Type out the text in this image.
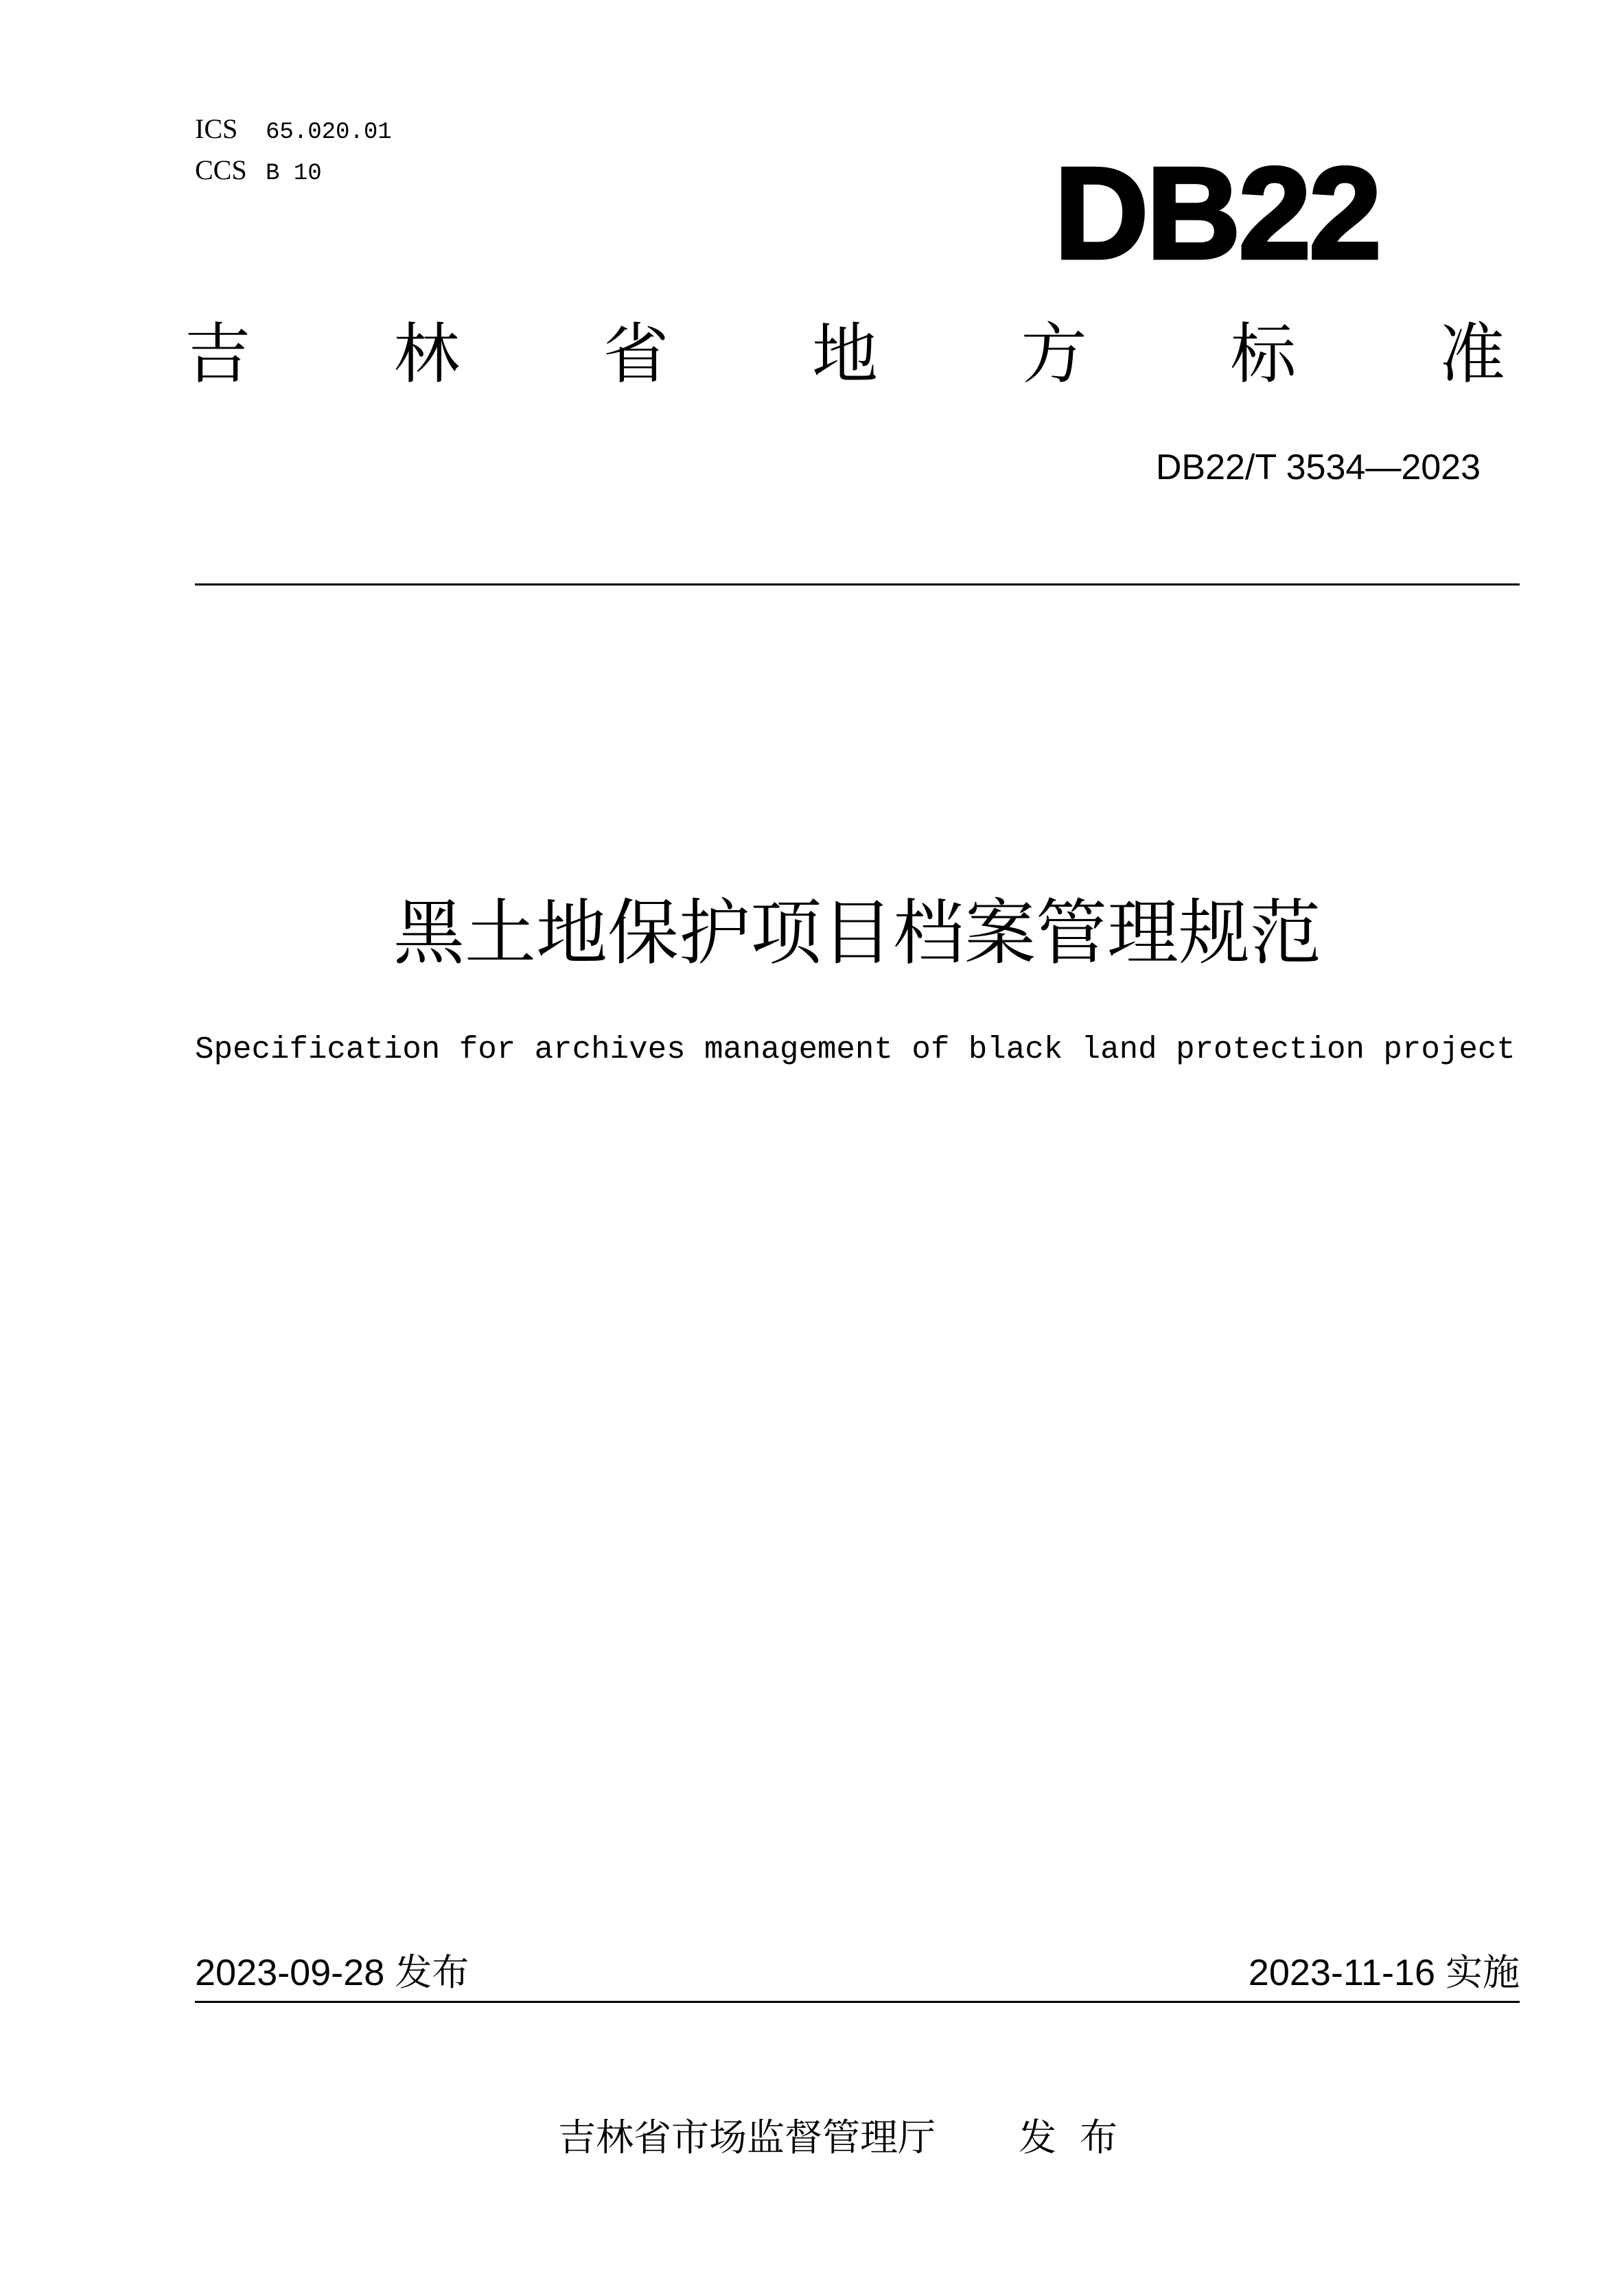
ICS	65.020.01
CCS B 10	DB22
吉 林 省 地 方 标 准
DB22/T 3534—2023
黑土地保护项目档案管理规范
Specification for archives management of black land protection project
2023-09-28 发布	2023-11-16 实施
吉林省市场监督管理厅 发 布
